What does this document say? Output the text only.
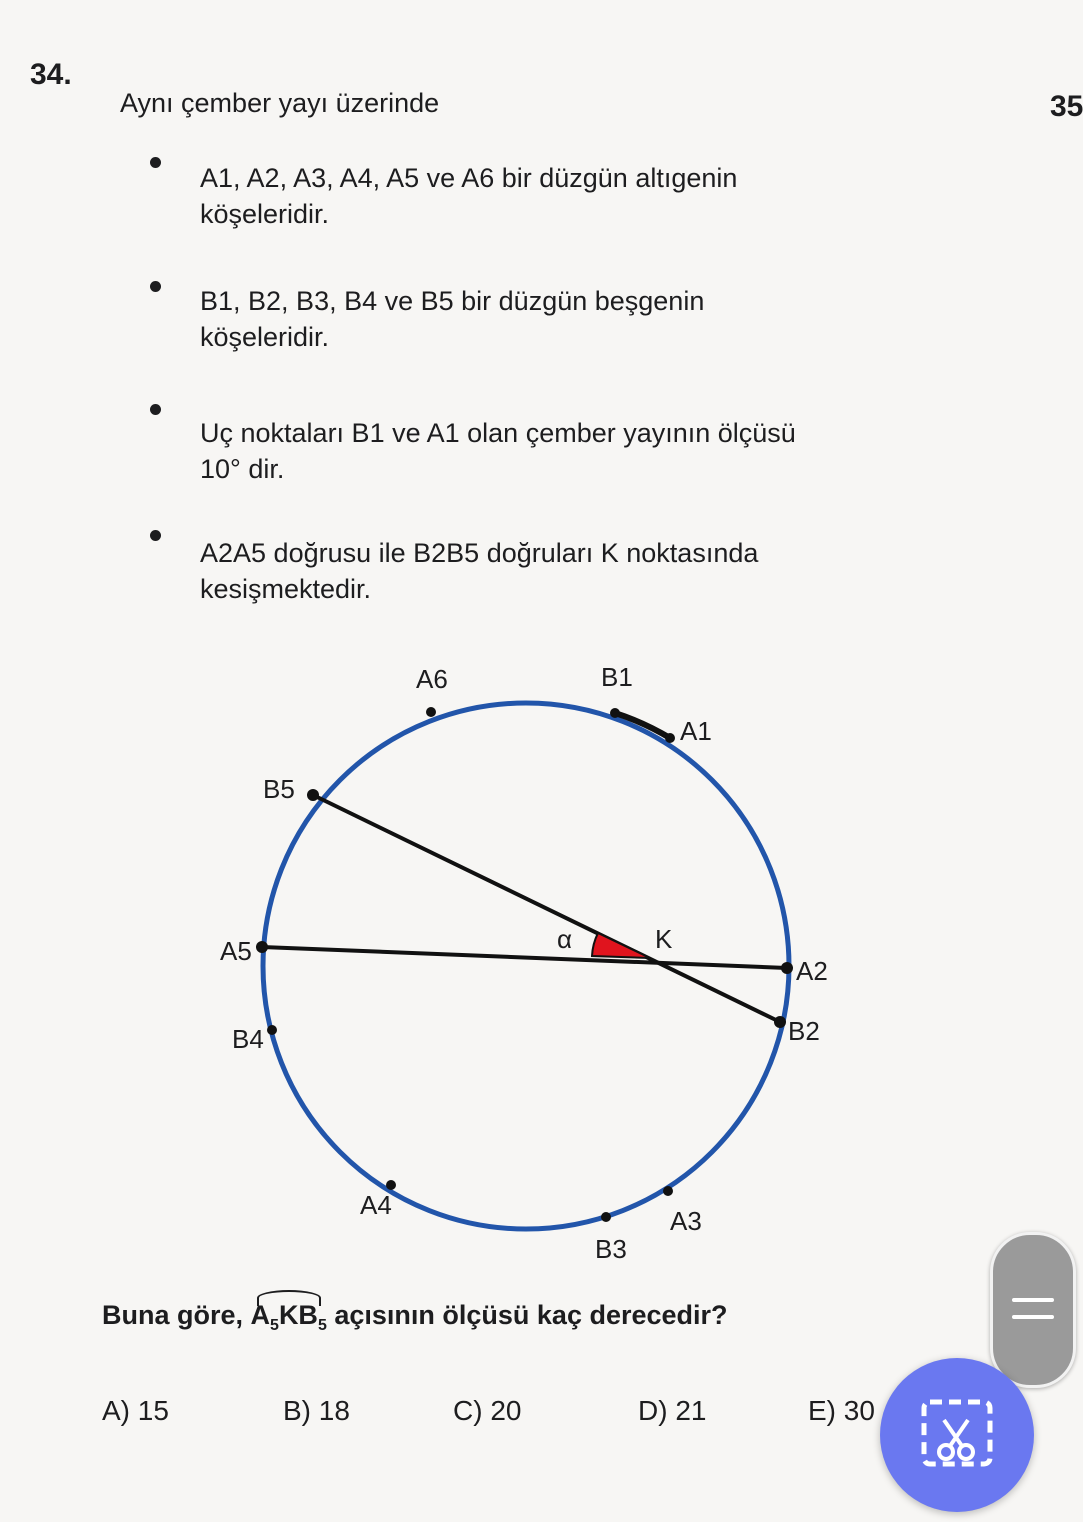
34.
Aynı çember yayı üzerinde	35
A1, A2, A3, A4, A5 ve A6 bir düzgün altıgenin
köşeleridir.
B1, B2, B3, B4 ve B5 bir düzgün beşgenin
köşeleridir.
Uç noktaları B1 ve A1 olan çember yayının ölçüsü
10° dir.
A2A5 doğrusu ile B2B5 doğruları K noktasında
kesişmektedir.
A6	B1
A1
B5
α	K
A5
A2
B2
B4
A4
A3
B3
Buna göre, $A_5KB_5$ açısının ölçüsü kaç derecedir?
A) 15	B) 18	C) 20	D) 21	E) 30
